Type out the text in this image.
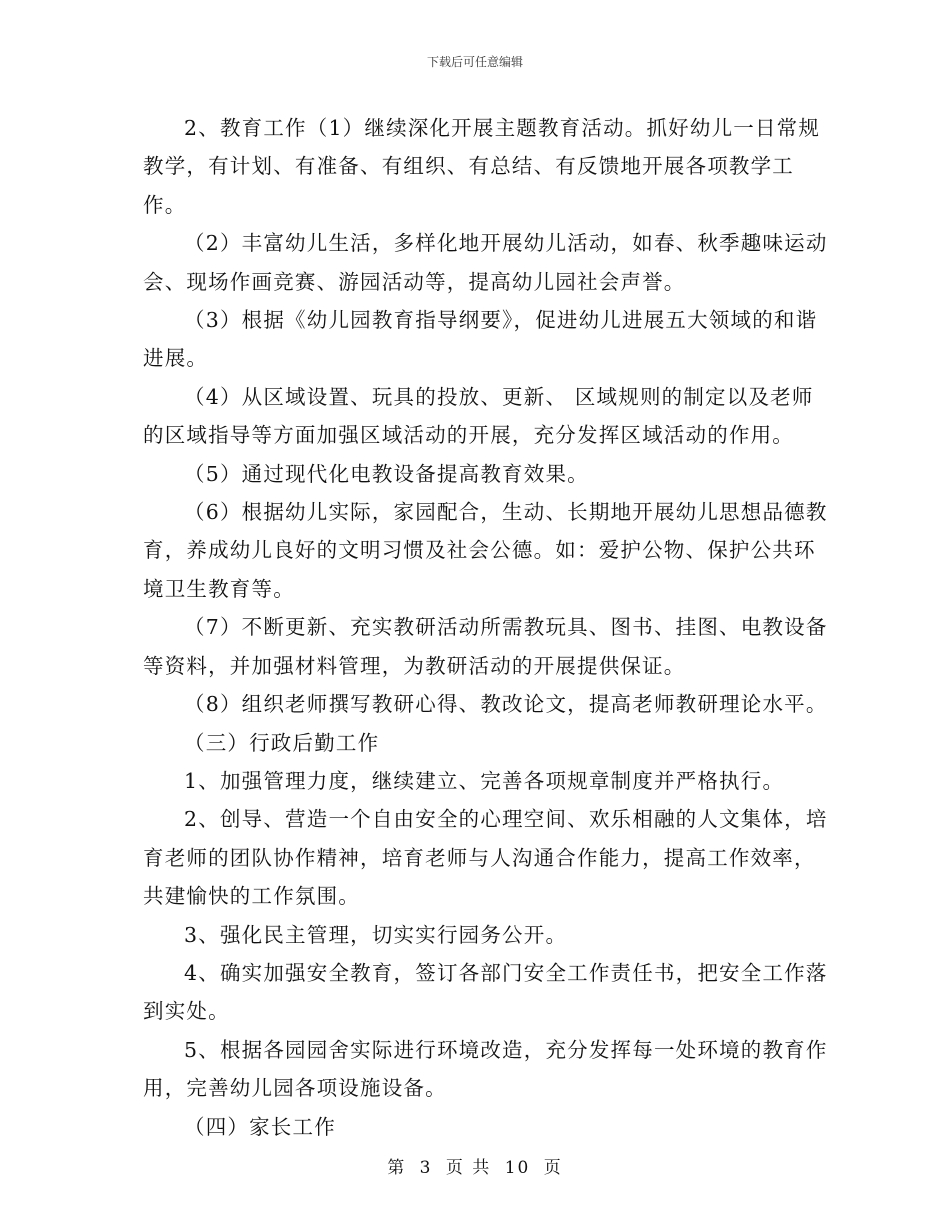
下载后可任意编辑

2、教育工作（1）继续深化开展主题教育活动。抓好幼儿一日常规教学，有计划、有准备、有组织、有总结、有反馈地开展各项教学工作。

（2）丰富幼儿生活，多样化地开展幼儿活动，如春、秋季趣味运动会、现场作画竞赛、游园活动等，提高幼儿园社会声誉。

（3）根据《幼儿园教育指导纲要》，促进幼儿进展五大领域的和谐进展。

（4）从区域设置、玩具的投放、更新、 区域规则的制定以及老师的区域指导等方面加强区域活动的开展，充分发挥区域活动的作用。

（5）通过现代化电教设备提高教育效果。

（6）根据幼儿实际，家园配合，生动、长期地开展幼儿思想品德教育，养成幼儿良好的文明习惯及社会公德。如：爱护公物、保护公共环境卫生教育等。

（7）不断更新、充实教研活动所需教玩具、图书、挂图、电教设备等资料，并加强材料管理，为教研活动的开展提供保证。

（8）组织老师撰写教研心得、教改论文，提高老师教研理论水平。

（三）行政后勤工作

1、加强管理力度，继续建立、完善各项规章制度并严格执行。

2、创导、营造一个自由安全的心理空间、欢乐相融的人文集体，培育老师的团队协作精神，培育老师与人沟通合作能力，提高工作效率，共建愉快的工作氛围。

3、强化民主管理，切实实行园务公开。

4、确实加强安全教育，签订各部门安全工作责任书，把安全工作落到实处。

5、根据各园园舍实际进行环境改造，充分发挥每一处环境的教育作用，完善幼儿园各项设施设备。

（四）家长工作

第 3 页 共 10 页
